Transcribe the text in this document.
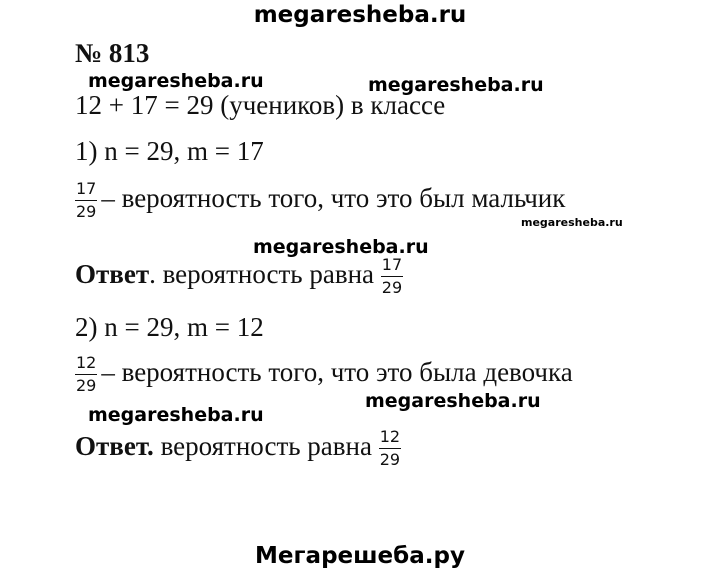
megaresheba.ru
megaresheba.ru	megaresheba.ru
megaresheba.ru
megaresheba.ru
megaresheba.ru
megaresheba.ru
Мегарешеба.ру
№ 813
12 + 17 = 29 (учеников) в классе
1) n = 29, m = 17
$\frac{17}{29}$ – вероятность того, что это был мальчик
Ответ. вероятность равна $\frac{17}{29}$
2) n = 29, m = 12
$\frac{12}{29}$ – вероятность того, что это была девочка
Ответ. вероятность равна $\frac{12}{29}$
